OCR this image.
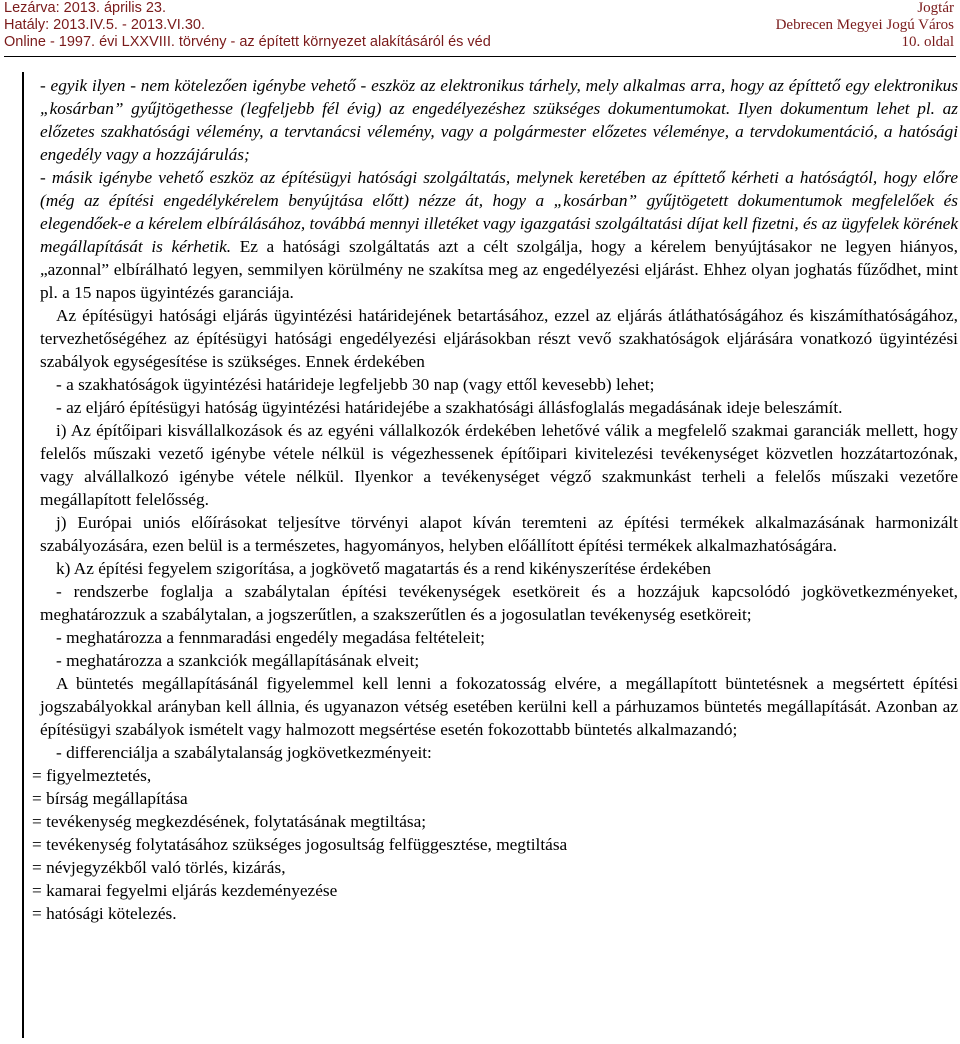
Lezárva: 2013. április 23.
Hatály: 2013.IV.5. - 2013.VI.30.
Online - 1997. évi LXXVIII. törvény - az épített környezet alakításáról és véd
Jogtár
Debrecen Megyei Jogú Város
10. oldal

- egyik ilyen - nem kötelezően igénybe vehető - eszköz az elektronikus tárhely, mely alkalmas arra, hogy az építtető egy elektronikus „kosárban” gyűjtögethesse (legfeljebb fél évig) az engedélyezéshez szükséges dokumentumokat. Ilyen dokumentum lehet pl. az előzetes szakhatósági vélemény, a tervtanácsi vélemény, vagy a polgármester előzetes véleménye, a tervdokumentáció, a hatósági engedély vagy a hozzájárulás;

- másik igénybe vehető eszköz az építésügyi hatósági szolgáltatás, melynek keretében az építtető kérheti a hatóságtól, hogy előre (még az építési engedélykérelem benyújtása előtt) nézze át, hogy a „kosárban” gyűjtögetett dokumentumok megfelelőek és elegendőek-e a kérelem elbírálásához, továbbá mennyi illetéket vagy igazgatási szolgáltatási díjat kell fizetni, és az ügyfelek körének megállapítását is kérhetik. Ez a hatósági szolgáltatás azt a célt szolgálja, hogy a kérelem benyújtásakor ne legyen hiányos, „azonnal” elbírálható legyen, semmilyen körülmény ne szakítsa meg az engedélyezési eljárást. Ehhez olyan joghatás fűződhet, mint pl. a 15 napos ügyintézés garanciája.

Az építésügyi hatósági eljárás ügyintézési határidejének betartásához, ezzel az eljárás átláthatóságához és kiszámíthatóságához, tervezhetőségéhez az építésügyi hatósági engedélyezési eljárásokban részt vevő szakhatóságok eljárására vonatkozó ügyintézési szabályok egységesítése is szükséges. Ennek érdekében

- a szakhatóságok ügyintézési határideje legfeljebb 30 nap (vagy ettől kevesebb) lehet;

- az eljáró építésügyi hatóság ügyintézési határidejébe a szakhatósági állásfoglalás megadásának ideje beleszámít.

i) Az építőipari kisvállalkozások és az egyéni vállalkozók érdekében lehetővé válik a megfelelő szakmai garanciák mellett, hogy felelős műszaki vezető igénybe vétele nélkül is végezhessenek építőipari kivitelezési tevékenységet közvetlen hozzátartozónak, vagy alvállalkozó igénybe vétele nélkül. Ilyenkor a tevékenységet végző szakmunkást terheli a felelős műszaki vezetőre megállapított felelősség.

j) Európai uniós előírásokat teljesítve törvényi alapot kíván teremteni az építési termékek alkalmazásának harmonizált szabályozására, ezen belül is a természetes, hagyományos, helyben előállított építési termékek alkalmazhatóságára.

k) Az építési fegyelem szigorítása, a jogkövető magatartás és a rend kikényszerítése érdekében

- rendszerbe foglalja a szabálytalan építési tevékenységek esetköreit és a hozzájuk kapcsolódó jogkövetkezményeket, meghatározzuk a szabálytalan, a jogszerűtlen, a szakszerűtlen és a jogosulatlan tevékenység esetköreit;

- meghatározza a fennmaradási engedély megadása feltételeit;

- meghatározza a szankciók megállapításának elveit;

A büntetés megállapításánál figyelemmel kell lenni a fokozatosság elvére, a megállapított büntetésnek a megsértett építési jogszabályokkal arányban kell állnia, és ugyanazon vétség esetében kerülni kell a párhuzamos büntetés megállapítását. Azonban az építésügyi szabályok ismételt vagy halmozott megsértése esetén fokozottabb büntetés alkalmazandó;

- differenciálja a szabálytalanság jogkövetkezményeit:

= figyelmeztetés,

= bírság megállapítása

= tevékenység megkezdésének, folytatásának megtiltása;

= tevékenység folytatásához szükséges jogosultság felfüggesztése, megtiltása

= névjegyzékből való törlés, kizárás,

= kamarai fegyelmi eljárás kezdeményezése

= hatósági kötelezés.
